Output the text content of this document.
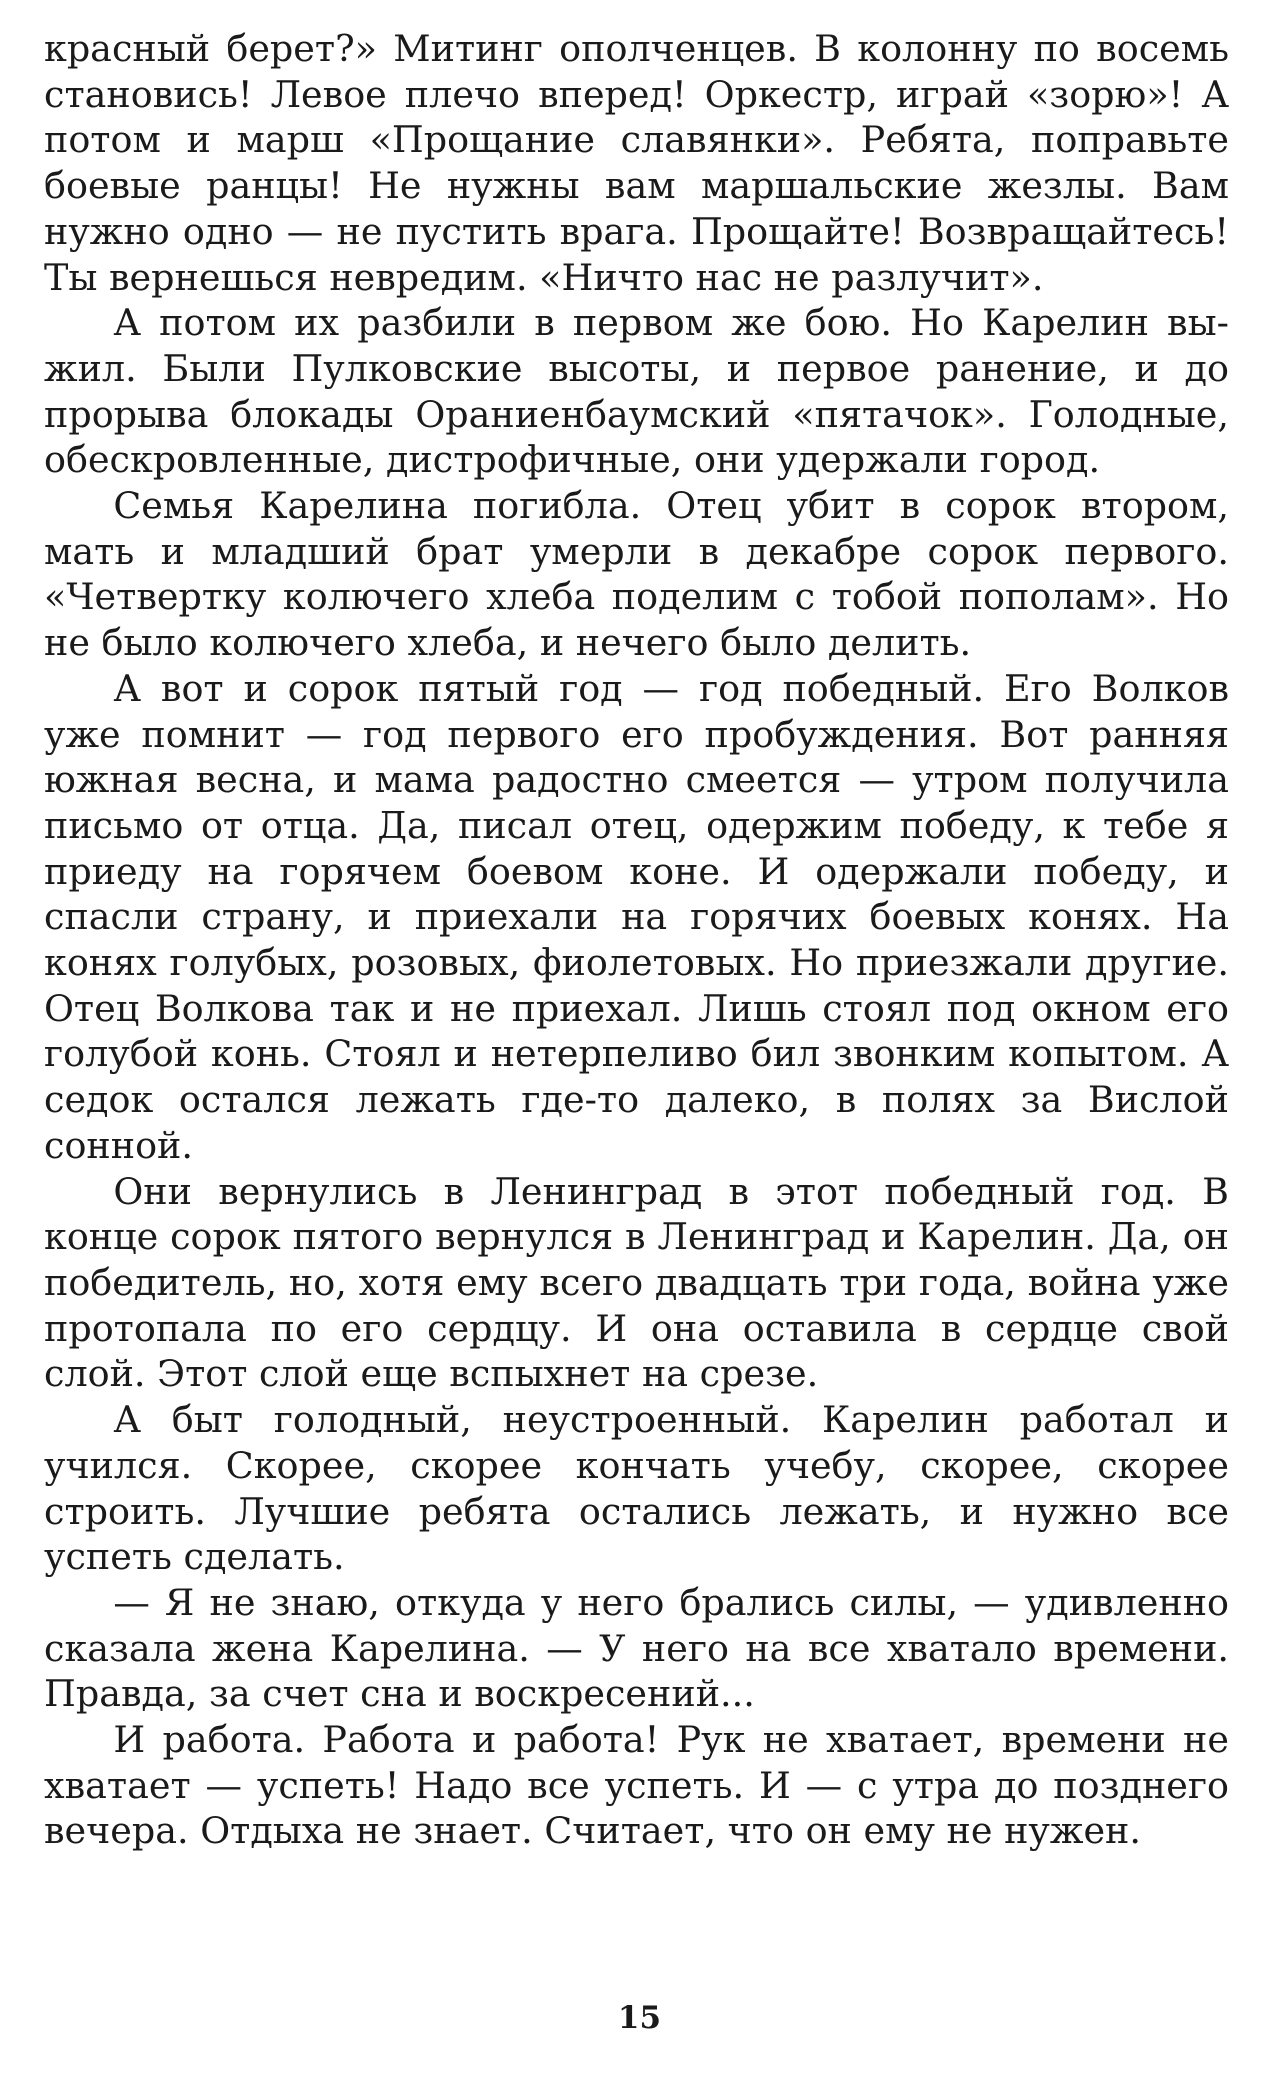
красный берет?» Митинг ополченцев. В колонну по восемь становись! Левое плечо вперед! Оркестр, играй «зорю»! А потом и марш «Прощание славянки». Ребята, поправьте боевые ранцы! Не нужны вам маршальские жезлы. Вам нужно одно — не пустить врага. Прощайте! Возвращайтесь! Ты вернешься невредим. «Ничто нас не разлучит».

А потом их разбили в первом же бою. Но Карелин выжил. Были Пулковские высоты, и первое ранение, и до прорыва блокады Ораниенбаумский «пятачок». Голодные, обескровленные, дистрофичные, они удержали город.

Семья Карелина погибла. Отец убит в сорок втором, мать и младший брат умерли в декабре сорок первого. «Четвертку колючего хлеба поделим с тобой пополам». Но не было колючего хлеба, и нечего было делить.

А вот и сорок пятый год — год победный. Его Волков уже помнит — год первого его пробуждения. Вот ранняя южная весна, и мама радостно смеется — утром получила письмо от отца. Да, писал отец, одержим победу, к тебе я приеду на горячем боевом коне. И одержали победу, и спасли страну, и приехали на горячих боевых конях. На конях голубых, розовых, фиолетовых. Но приезжали другие. Отец Волкова так и не приехал. Лишь стоял под окном его голубой конь. Стоял и нетерпеливо бил звонким копытом. А седок остался лежать где-то далеко, в полях за Вислой сонной.

Они вернулись в Ленинград в этот победный год. В конце сорок пятого вернулся в Ленинград и Карелин. Да, он победитель, но, хотя ему всего двадцать три года, война уже протопала по его сердцу. И она оставила в сердце свой слой. Этот слой еще вспыхнет на срезе.

А быт голодный, неустроенный. Карелин работал и учился. Скорее, скорее кончать учебу, скорее, скорее строить. Лучшие ребята остались лежать, и нужно все успеть сделать.

— Я не знаю, откуда у него брались силы, — удивленно сказала жена Карелина. — У него на все хватало времени. Правда, за счет сна и воскресений...

И работа. Работа и работа! Рук не хватает, времени не хватает — успеть! Надо все успеть. И — с утра до позднего вечера. Отдыха не знает. Считает, что он ему не нужен.

15
